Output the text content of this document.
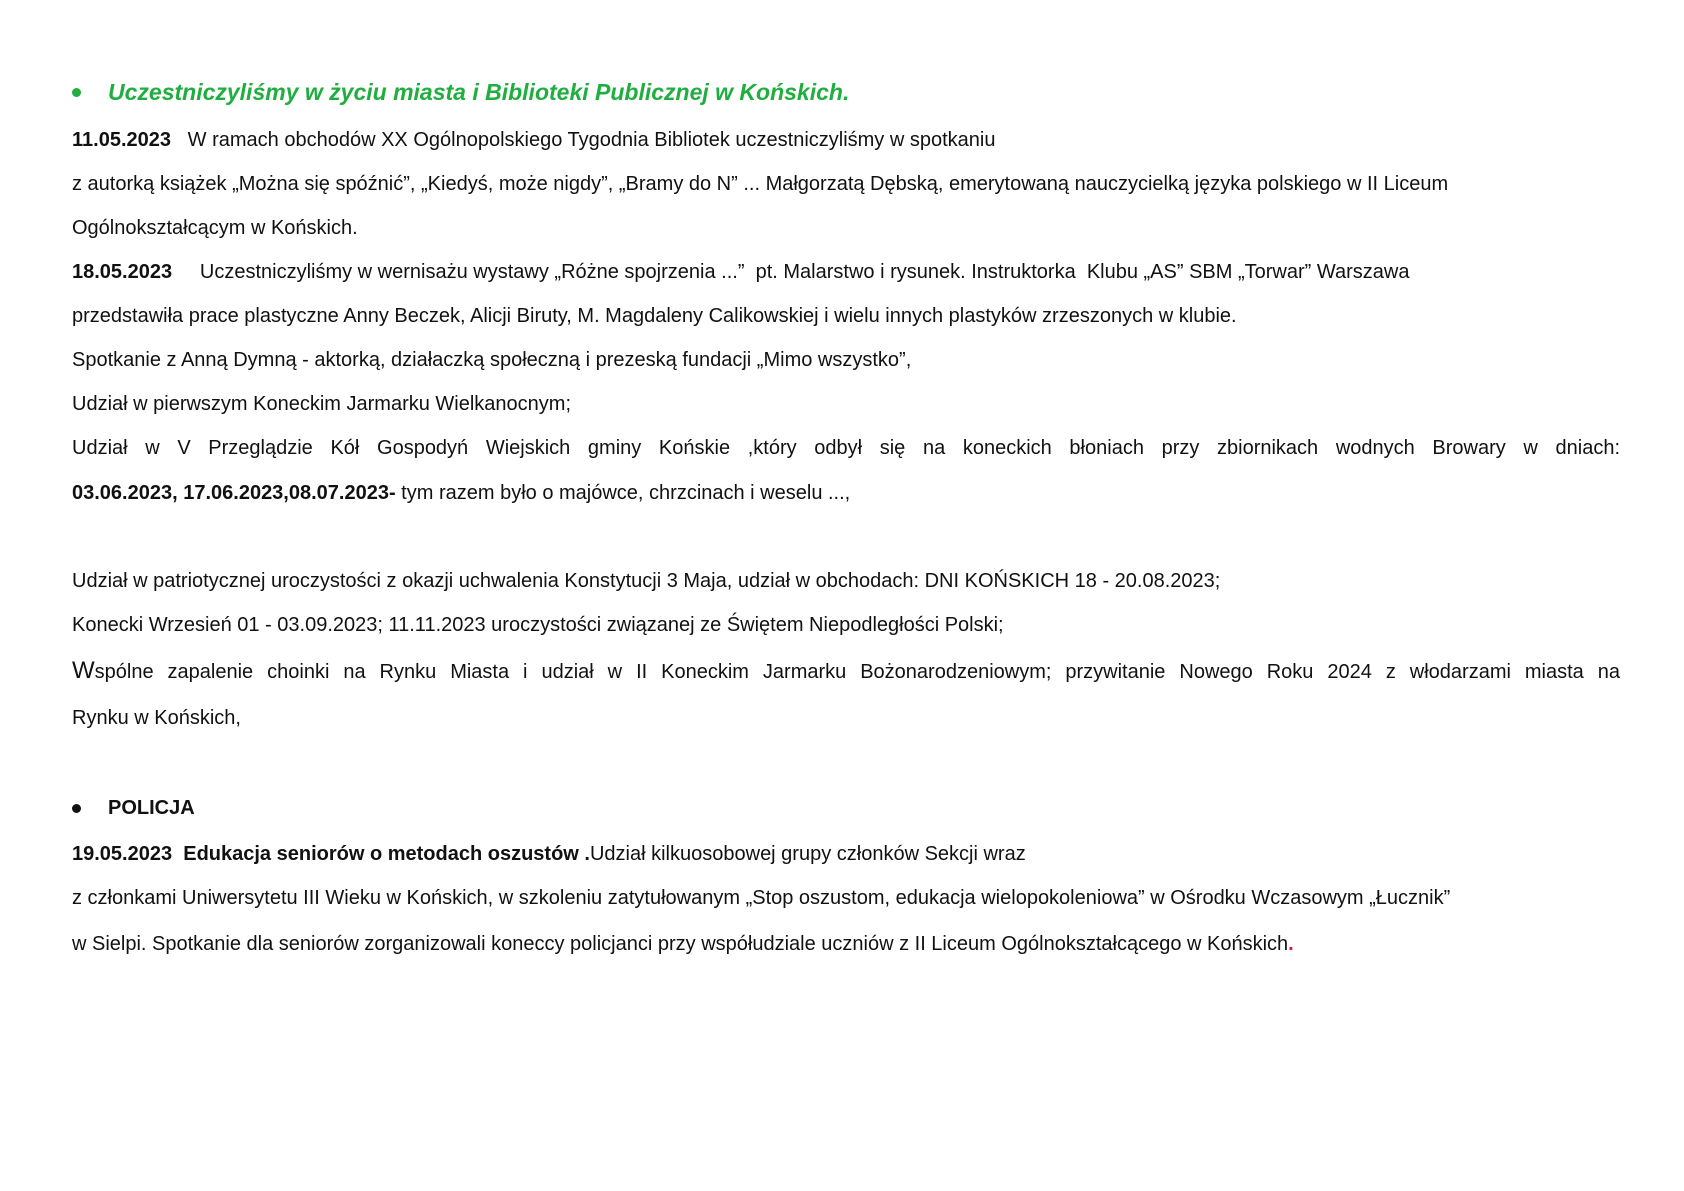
Uczestniczyliśmy w życiu miasta i Biblioteki Publicznej w Końskich.
11.05.2023   W ramach obchodów XX Ogólnopolskiego Tygodnia Bibliotek uczestniczyliśmy w spotkaniu
z autorką książek „Można się spóźnić”, „Kiedyś, może nigdy”, „Bramy do N” ... Małgorzatą Dębską, emerytowaną nauczycielką języka polskiego w II Liceum
Ogólnokształcącym w Końskich.
18.05.2023     Uczestniczyliśmy w wernisażu wystawy „Różne spojrzenia ...”  pt. Malarstwo i rysunek. Instruktorka  Klubu „AS” SBM „Torwar” Warszawa
przedstawiła prace plastyczne Anny Beczek, Alicji Biruty, M. Magdaleny Calikowskiej i wielu innych plastyków zrzeszonych w klubie.
Spotkanie z Anną Dymną - aktorką, działaczką społeczną i prezeską fundacji „Mimo wszystko”,
Udział w pierwszym Koneckim Jarmarku Wielkanocnym;
Udział w V Przeglądzie Kół Gospodyń Wiejskich gminy Końskie ,który odbył się na koneckich błoniach przy zbiornikach wodnych Browary w dniach:
03.06.2023, 17.06.2023,08.07.2023- tym razem było o majówce, chrzcinach i weselu ...,
Udział w patriotycznej uroczystości z okazji uchwalenia Konstytucji 3 Maja, udział w obchodach: DNI KOŃSKICH 18 - 20.08.2023;
Konecki Wrzesień 01 - 03.09.2023; 11.11.2023 uroczystości związanej ze Świętem Niepodległości Polski;
Wspólne zapalenie choinki na Rynku Miasta i udział w II Koneckim Jarmarku Bożonarodzeniowym; przywitanie Nowego Roku 2024 z włodarzami miasta na
Rynku w Końskich,
POLICJA
19.05.2023  Edukacja seniorów o metodach oszustów .Udział kilkuosobowej grupy członków Sekcji wraz
z członkami Uniwersytetu III Wieku w Końskich, w szkoleniu zatytułowanym „Stop oszustom, edukacja wielopokoleniowa” w Ośrodku Wczasowym „Łucznik”
w Sielpi. Spotkanie dla seniorów zorganizowali koneccy policjanci przy współudziale uczniów z II Liceum Ogólnokształcącego w Końskich.
